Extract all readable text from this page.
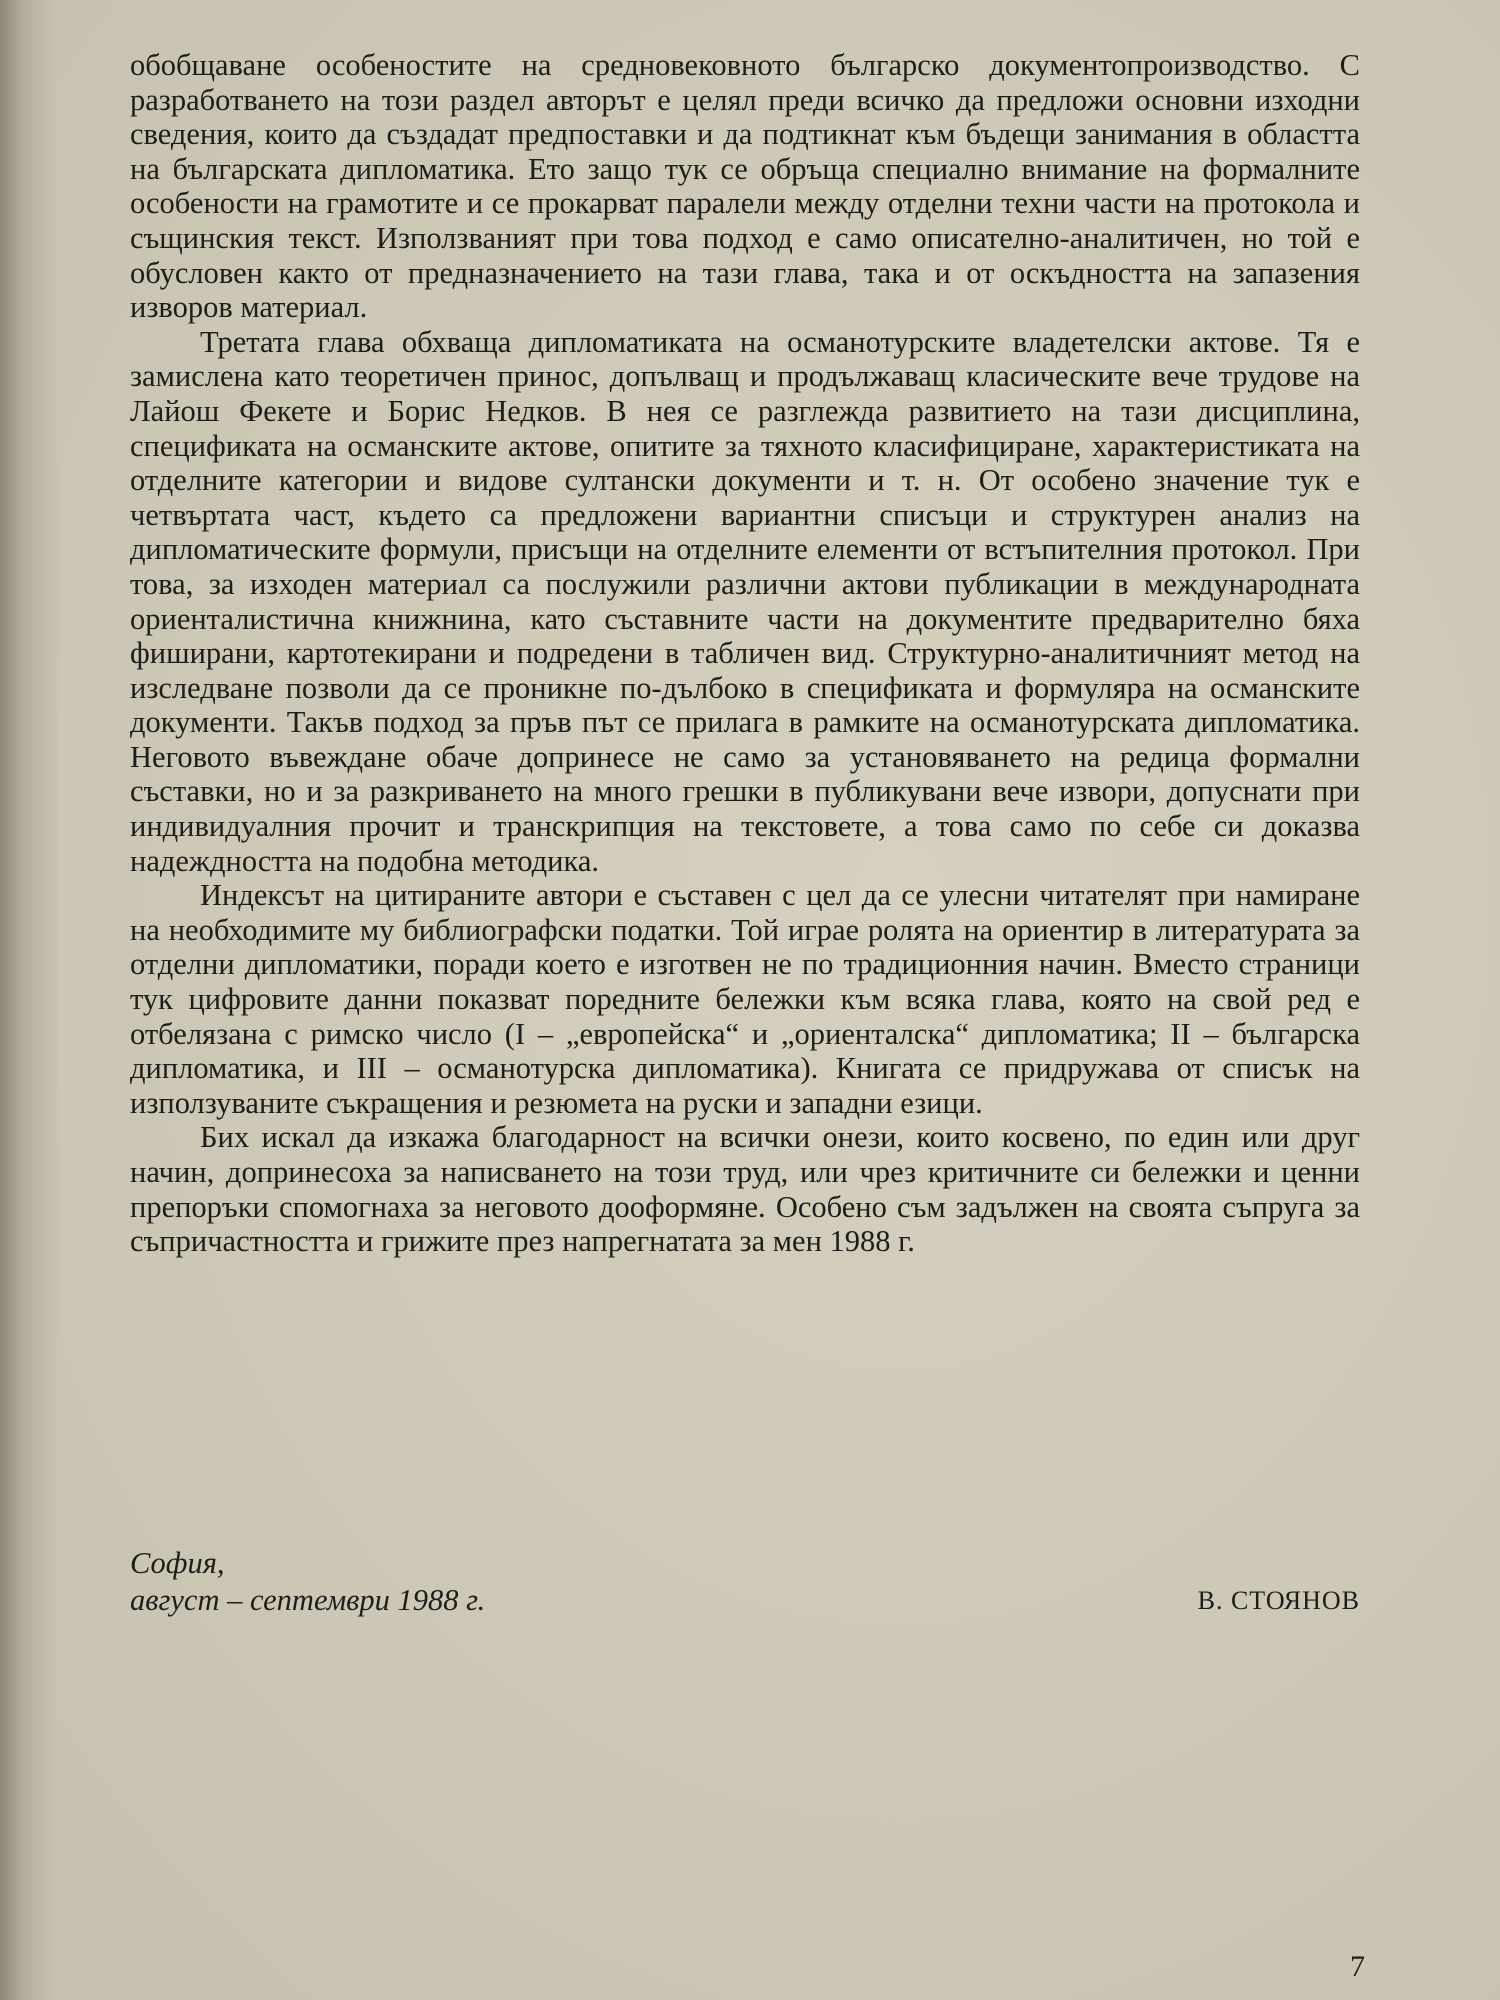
обобщаване особеностите на средновековното българско документопроизводство. С разработването на този раздел авторът е целял преди всичко да предложи основни изходни сведения, които да създадат предпоставки и да подтикнат към бъдещи занимания в областта на българската дипломатика. Ето защо тук се обръща специално внимание на формалните особености на грамотите и се прокарват паралели между отделни техни части на протокола и същинския текст. Използваният при това подход е само описателно-аналитичен, но той е обусловен както от предназначението на тази глава, така и от оскъдността на запазения изворов материал.

Третата глава обхваща дипломатиката на османотурските владетелски актове. Тя е замислена като теоретичен принос, допълващ и продължаващ класическите вече трудове на Лайош Фекете и Борис Недков. В нея се разглежда развитието на тази дисциплина, спецификата на османските актове, опитите за тяхното класифициране, характеристиката на отделните категории и видове султански документи и т. н. От особено значение тук е четвъртата част, където са предложени вариантни списъци и структурен анализ на дипломатическите формули, присъщи на отделните елементи от встъпителния протокол. При това, за изходен материал са послужили различни актови публикации в международната ориенталистична книжнина, като съставните части на документите предварително бяха фиширани, картотекирани и подредени в табличен вид. Структурно-аналитичният метод на изследване позволи да се проникне по-дълбоко в спецификата и формуляра на османските документи. Такъв подход за пръв път се прилага в рамките на османотурската дипломатика. Неговото въвеждане обаче допринесе не само за установяването на редица формални съставки, но и за разкриването на много грешки в публикувани вече извори, допуснати при индивидуалния прочит и транскрипция на текстовете, а това само по себе си доказва надеждността на подобна методика.

Индексът на цитираните автори е съставен с цел да се улесни читателят при намиране на необходимите му библиографски податки. Той играе ролята на ориентир в литературата за отделни дипломатики, поради което е изготвен не по традиционния начин. Вместо страници тук цифровите данни показват поредните бележки към всяка глава, която на свой ред е отбелязана с римско число (I – „европейска“ и „ориенталска“ дипломатика; II – българска дипломатика, и III – османотурска дипломатика). Книгата се придружава от списък на използуваните съкращения и резюмета на руски и западни езици.

Бих искал да изкажа благодарност на всички онези, които косвено, по един или друг начин, допринесоха за написването на този труд, или чрез критичните си бележки и ценни препоръки спомогнаха за неговото дооформяне. Особено съм задължен на своята съпруга за съпричастността и грижите през напрегнатата за мен 1988 г.

София,
август – септември 1988 г.	В. СТОЯНОВ
7
